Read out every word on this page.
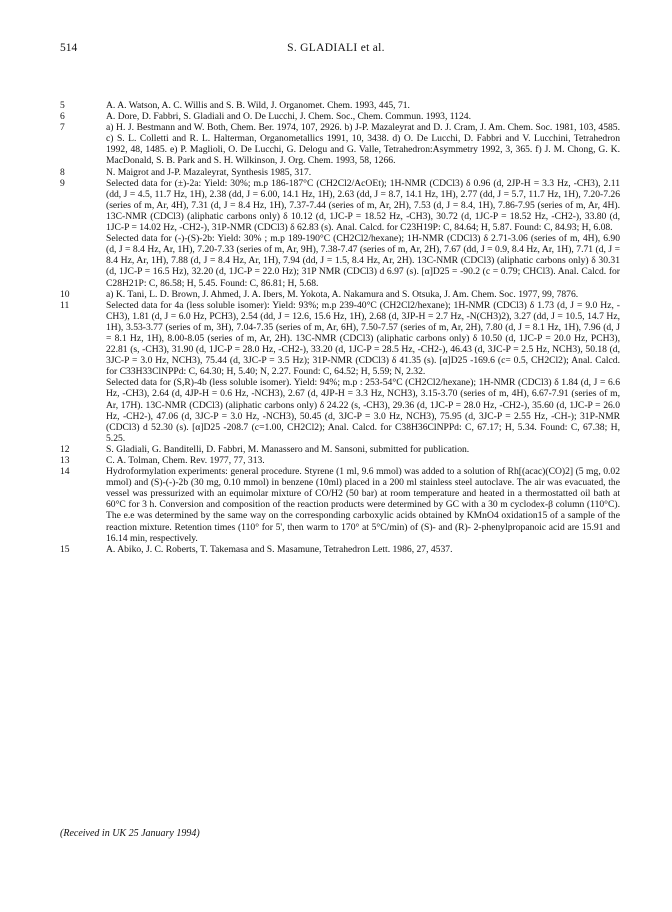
514	S. GLADIALI et al.
5	A. A. Watson, A. C. Willis and S. B. Wild, J. Organomet. Chem. 1993, 445, 71.

6	A. Dore, D. Fabbri, S. Gladiali and O. De Lucchi, J. Chem. Soc., Chem. Commun. 1993, 1124.

7	a) H. J. Bestmann and W. Both, Chem. Ber. 1974, 107, 2926. b) J-P. Mazaleyrat and D. J. Cram, J. Am. Chem. Soc. 1981, 103, 4585. c) S. L. Colletti and R. L. Halterman, Organometallics 1991, 10, 3438. d) O. De Lucchi, D. Fabbri and V. Lucchini, Tetrahedron 1992, 48, 1485. e) P. Maglioli, O. De Lucchi, G. Delogu and G. Valle, Tetrahedron:Asymmetry 1992, 3, 365. f) J. M. Chong, G. K. MacDonald, S. B. Park and S. H. Wilkinson, J. Org. Chem. 1993, 58, 1266.

8	N. Maigrot and J-P. Mazaleyrat, Synthesis 1985, 317.

9	Selected data for (±)-2a: Yield: 30%; m.p 186-187°C (CH2Cl2/AcOEt); 1H-NMR (CDCl3) δ 0.96 (d, 2JP-H = 3.3 Hz, -CH3), 2.11 (dd, J = 4.5, 11.7 Hz, 1H), 2.38 (dd, J = 6.00, 14.1 Hz, 1H), 2.63 (dd, J = 8.7, 14.1 Hz, 1H), 2.77 (dd, J = 5.7, 11.7 Hz, 1H), 7.20-7.26 (series of m, Ar, 4H), 7.31 (d, J = 8.4 Hz, 1H), 7.37-7.44 (series of m, Ar, 2H), 7.53 (d, J = 8.4, 1H), 7.86-7.95 (series of m, Ar, 4H). 13C-NMR (CDCl3) (aliphatic carbons only) δ 10.12 (d, 1JC-P = 18.52 Hz, -CH3), 30.72 (d, 1JC-P = 18.52 Hz, -CH2-), 33.80 (d, 1JC-P = 14.02 Hz, -CH2-), 31P-NMR (CDCl3) δ 62.83 (s). Anal. Calcd. for C23H19P: C, 84.64; H, 5.87. Found: C, 84.93; H, 6.08.

Selected data for (-)-(S)-2b: Yield: 30% ; m.p 189-190°C (CH2Cl2/hexane); 1H-NMR (CDCl3) δ 2.71-3.06 (series of m, 4H), 6.90 (d, J = 8.4 Hz, Ar, 1H), 7.20-7.33 (series of m, Ar, 9H), 7.38-7.47 (series of m, Ar, 2H), 7.67 (dd, J = 0.9, 8.4 Hz, Ar, 1H), 7.71 (d, J = 8.4 Hz, Ar, 1H), 7.88 (d, J = 8.4 Hz, Ar, 1H), 7.94 (dd, J = 1.5, 8.4 Hz, Ar, 2H). 13C-NMR (CDCl3) (aliphatic carbons only) δ 30.31 (d, 1JC-P = 16.5 Hz), 32.20 (d, 1JC-P = 22.0 Hz); 31P NMR (CDCl3) d 6.97 (s). [α]D25 = -90.2 (c = 0.79; CHCl3). Anal. Calcd. for C28H21P: C, 86.58; H, 5.45. Found: C, 86.81; H, 5.68.

10	a) K. Tani, L. D. Brown, J. Ahmed, J. A. Ibers, M. Yokota, A. Nakamura and S. Otsuka, J. Am. Chem. Soc. 1977, 99, 7876.

11	Selected data for 4a (less soluble isomer): Yield: 93%; m.p 239-40°C (CH2Cl2/hexane); 1H-NMR (CDCl3) δ 1.73 (d, J = 9.0 Hz, -CH3), 1.81 (d, J = 6.0 Hz, PCH3), 2.54 (dd, J = 12.6, 15.6 Hz, 1H), 2.68 (d, 3JP-H = 2.7 Hz, -N(CH3)2), 3.27 (dd, J = 10.5, 14.7 Hz, 1H), 3.53-3.77 (series of m, 3H), 7.04-7.35 (series of m, Ar, 6H), 7.50-7.57 (series of m, Ar, 2H), 7.80 (d, J = 8.1 Hz, 1H), 7.96 (d, J = 8.1 Hz, 1H), 8.00-8.05 (series of m, Ar, 2H). 13C-NMR (CDCl3) (aliphatic carbons only) δ 10.50 (d, 1JC-P = 20.0 Hz, PCH3), 22.81 (s, -CH3), 31.90 (d, 1JC-P = 28.0 Hz, -CH2-), 33.20 (d, 1JC-P = 28.5 Hz, -CH2-), 46.43 (d, 3JC-P = 2.5 Hz, NCH3), 50.18 (d, 3JC-P = 3.0 Hz, NCH3), 75.44 (d, 3JC-P = 3.5 Hz); 31P-NMR (CDCl3) δ 41.35 (s). [α]D25 -169.6 (c= 0.5, CH2Cl2); Anal. Calcd. for C33H33ClNPPd: C, 64.30; H, 5.40; N, 2.27. Found: C, 64.52; H, 5.59; N, 2.32.

Selected data for (S,R)-4b (less soluble isomer). Yield: 94%; m.p : 253-54°C (CH2Cl2/hexane); 1H-NMR (CDCl3) δ 1.84 (d, J = 6.6 Hz, -CH3), 2.64 (d, 4JP-H = 0.6 Hz, -NCH3), 2.67 (d, 4JP-H = 3.3 Hz, NCH3), 3.15-3.70 (series of m, 4H), 6.67-7.91 (series of m, Ar, 17H). 13C-NMR (CDCl3) (aliphatic carbons only) δ 24.22 (s, -CH3), 29.36 (d, 1JC-P = 28.0 Hz, -CH2-), 35.60 (d, 1JC-P = 26.0 Hz, -CH2-), 47.06 (d, 3JC-P = 3.0 Hz, -NCH3), 50.45 (d, 3JC-P = 3.0 Hz, NCH3), 75.95 (d, 3JC-P = 2.55 Hz, -CH-); 31P-NMR (CDCl3) d 52.30 (s). [α]D25 -208.7 (c=1.00, CH2Cl2); Anal. Calcd. for C38H36ClNPPd: C, 67.17; H, 5.34. Found: C, 67.38; H, 5.25.

12	S. Gladiali, G. Banditelli, D. Fabbri, M. Manassero and M. Sansoni, submitted for publication.

13	C. A. Tolman, Chem. Rev. 1977, 77, 313.

14	Hydroformylation experiments: general procedure. Styrene (1 ml, 9.6 mmol) was added to a solution of Rh[(acac)(CO)2] (5 mg, 0.02 mmol) and (S)-(-)-2b (30 mg, 0.10 mmol) in benzene (10ml) placed in a 200 ml stainless steel autoclave. The air was evacuated, the vessel was pressurized with an equimolar mixture of CO/H2 (50 bar) at room temperature and heated in a thermostatted oil bath at 60°C for 3 h. Conversion and composition of the reaction products were determined by GC with a 30 m cyclodex-β column (110°C). The e.e was determined by the same way on the corresponding carboxylic acids obtained by KMnO4 oxidation15 of a sample of the reaction mixture. Retention times (110° for 5', then warm to 170° at 5°C/min) of (S)- and (R)- 2-phenylpropanoic acid are 15.91 and 16.14 min, respectively.

15	A. Abiko, J. C. Roberts, T. Takemasa and S. Masamune, Tetrahedron Lett. 1986, 27, 4537.

(Received in UK 25 January 1994)
